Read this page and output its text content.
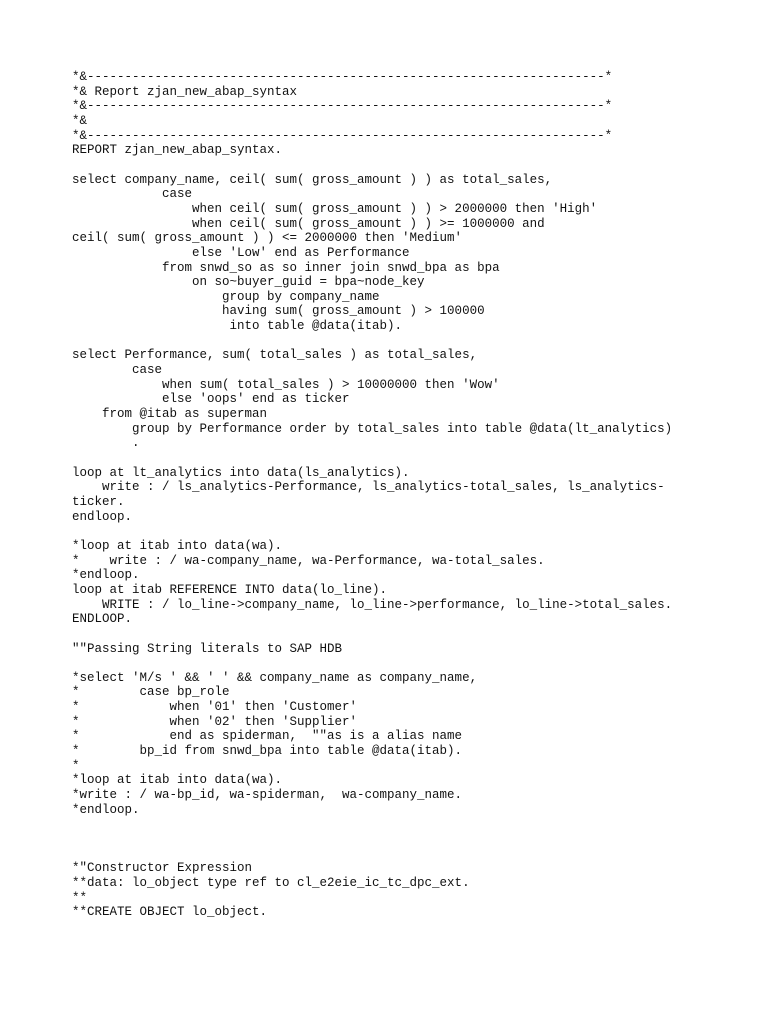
*&---------------------------------------------------------------------*
*& Report zjan_new_abap_syntax
*&---------------------------------------------------------------------*
*&
*&---------------------------------------------------------------------*
REPORT zjan_new_abap_syntax.
select company_name, ceil( sum( gross_amount ) ) as total_sales,
case
when ceil( sum( gross_amount ) ) > 2000000 then 'High'
when ceil( sum( gross_amount ) ) >= 1000000 and
ceil( sum( gross_amount ) ) <= 2000000 then 'Medium'
else 'Low' end as Performance
from snwd_so as so inner join snwd_bpa as bpa
on so~buyer_guid = bpa~node_key
group by company_name
having sum( gross_amount ) > 100000
into table @data(itab).
select Performance, sum( total_sales ) as total_sales,
case
when sum( total_sales ) > 10000000 then 'Wow'
else 'oops' end as ticker
from @itab as superman
group by Performance order by total_sales into table @data(lt_analytics)
.
loop at lt_analytics into data(ls_analytics).
write : / ls_analytics-Performance, ls_analytics-total_sales, ls_analytics-
ticker.
endloop.
*loop at itab into data(wa).
*    write : / wa-company_name, wa-Performance, wa-total_sales.
*endloop.
loop at itab REFERENCE INTO data(lo_line).
WRITE : / lo_line->company_name, lo_line->performance, lo_line->total_sales.
ENDLOOP.
""Passing String literals to SAP HDB
*select 'M/s ' && ' ' && company_name as company_name,
*        case bp_role
*            when '01' then 'Customer'
*            when '02' then 'Supplier'
*            end as spiderman,  ""as is a alias name
*        bp_id from snwd_bpa into table @data(itab).
*
*loop at itab into data(wa).
*write : / wa-bp_id, wa-spiderman,  wa-company_name.
*endloop.
*"Constructor Expression
**data: lo_object type ref to cl_e2eie_ic_tc_dpc_ext.
**
**CREATE OBJECT lo_object.
